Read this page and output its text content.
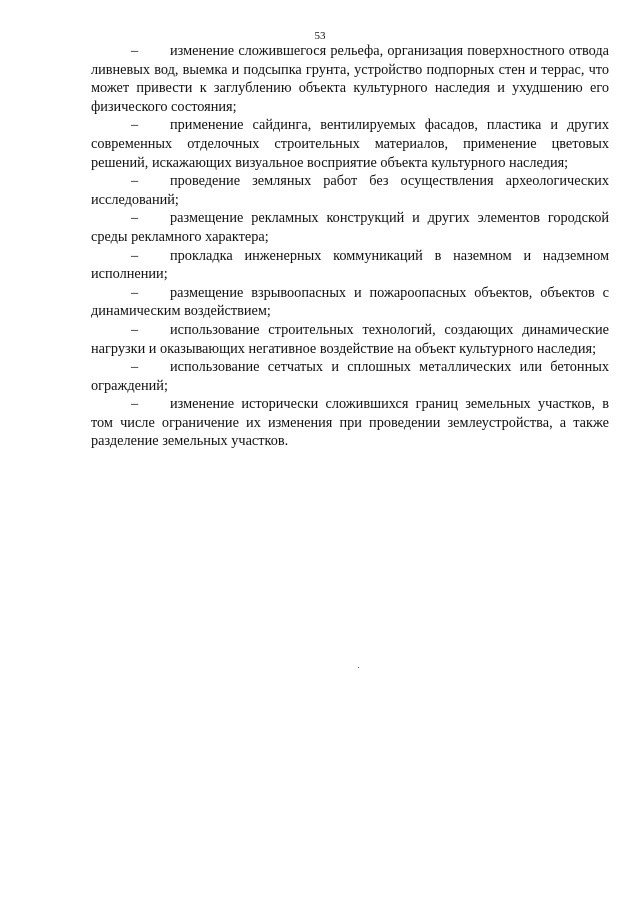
53

– изменение сложившегося рельефа, организация поверхностного отвода ливневых вод, выемка и подсыпка грунта, устройство подпорных стен и террас, что может привести к заглублению объекта культурного наследия и ухудшению его физического состояния;

– применение сайдинга, вентилируемых фасадов, пластика и других современных отделочных строительных материалов, применение цветовых решений, искажающих визуальное восприятие объекта культурного наследия;

– проведение земляных работ без осуществления археологических исследований;

– размещение рекламных конструкций и других элементов городской среды рекламного характера;

– прокладка инженерных коммуникаций в наземном и надземном исполнении;

– размещение взрывоопасных и пожароопасных объектов, объектов с динамическим воздействием;

– использование строительных технологий, создающих динамические нагрузки и оказывающих негативное воздействие на объект культурного наследия;

– использование сетчатых и сплошных металлических или бетонных ограждений;

– изменение исторически сложившихся границ земельных участков, в том числе ограничение их изменения при проведении землеустройства, а также разделение земельных участков.
